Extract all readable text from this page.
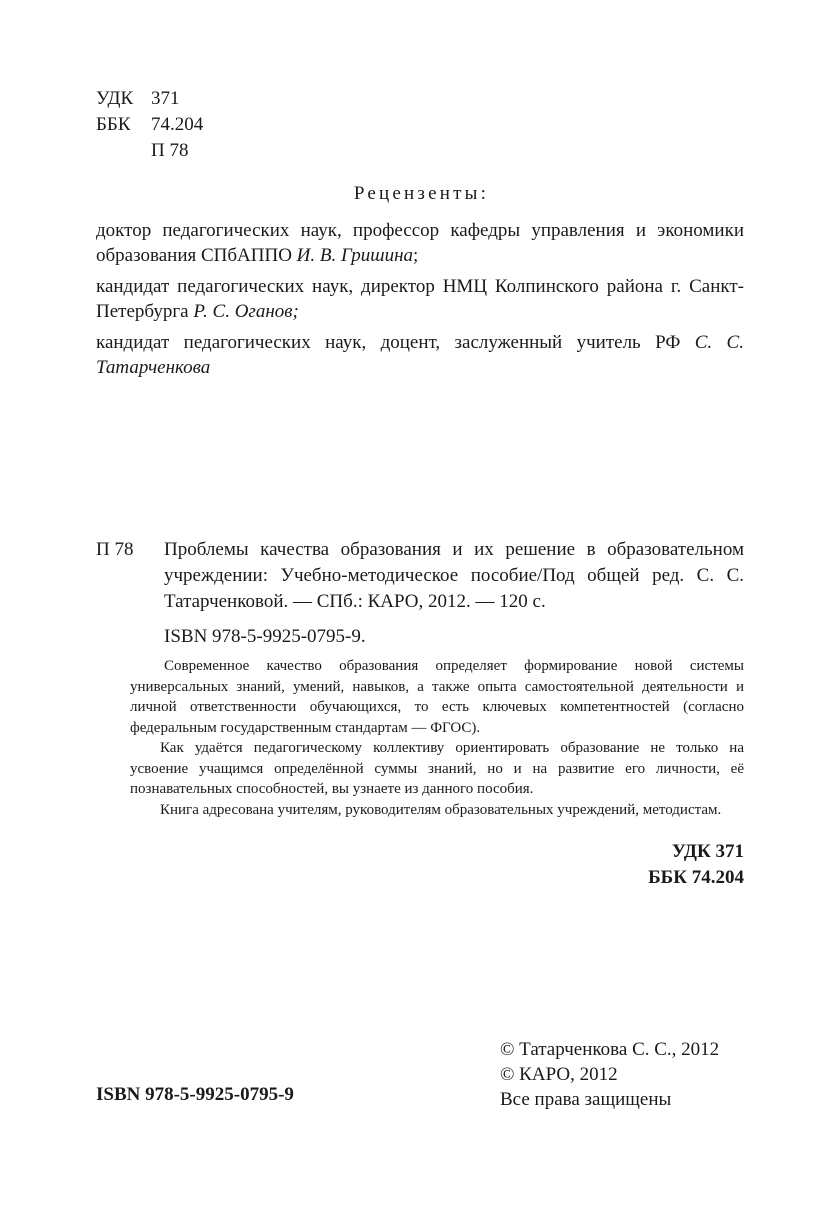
УДК 371
ББК	74.204
П 78
Рецензенты:
доктор педагогических наук, профессор кафедры управления и экономики образования СПбАППО И. В. Гришина;
кандидат педагогических наук, директор НМЦ Колпинского района г. Санкт-Петербурга Р. С. Оганов;
кандидат педагогических наук, доцент, заслуженный учитель РФ С. С. Татарченкова
П 78	Проблемы качества образования и их решение в образовательном учреждении: Учебно-методическое пособие/Под общей ред. С. С. Татарченковой. — СПб.: КАРО, 2012. — 120 с.
ISBN 978-5-9925-0795-9.

Современное качество образования определяет формирование новой системы универсальных знаний, умений, навыков, а также опыта самостоятельной деятельности и личной ответственности обучающихся, то есть ключевых компетентностей (согласно федеральным государственным стандартам — ФГОС).

Как удаётся педагогическому коллективу ориентировать образование не только на усвоение учащимся определённой суммы знаний, но и на развитие его личности, её познавательных способностей, вы узнаете из данного пособия.

Книга адресована учителям, руководителям образовательных учреждений, методистам.

УДК 371
ББК 74.204
ISBN 978-5-9925-0795-9
© Татарченкова С. С., 2012
© КАРО, 2012
Все права защищены
